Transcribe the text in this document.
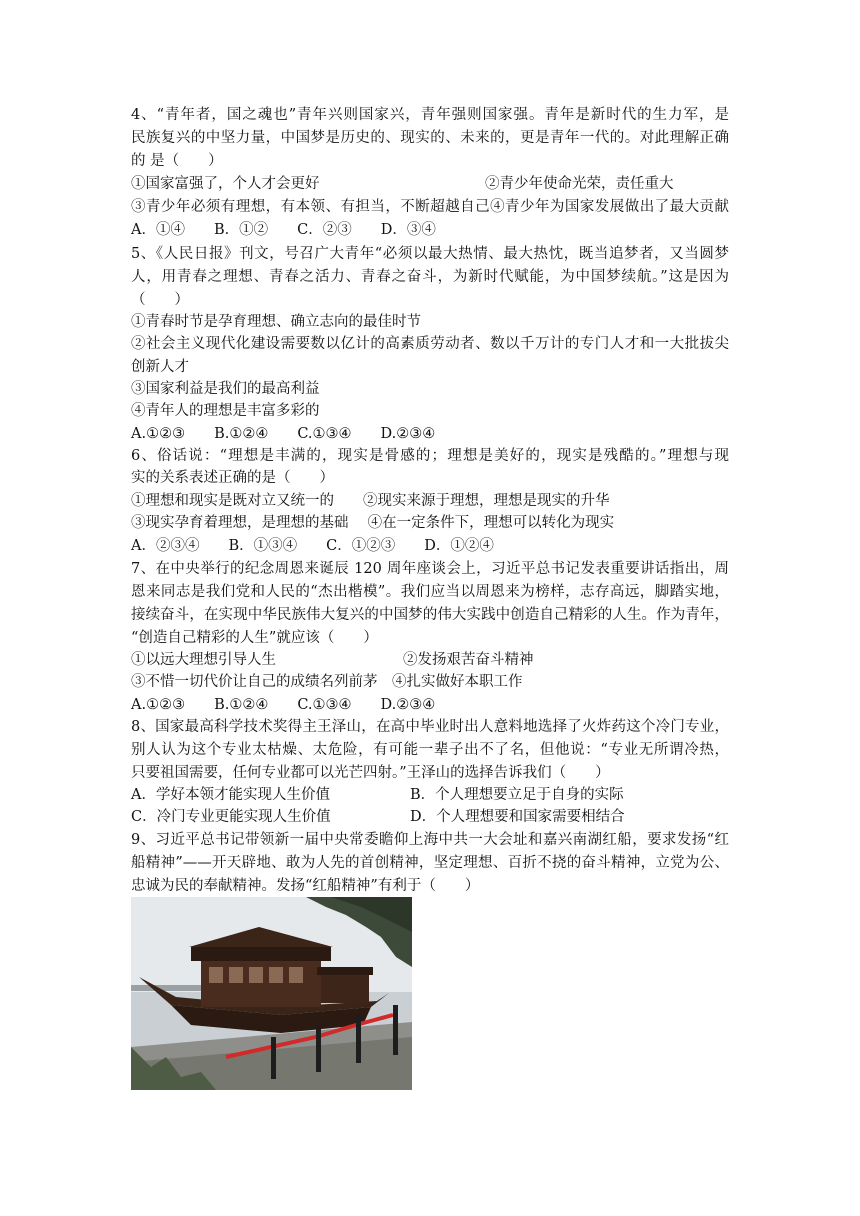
4、“青年者，国之魂也”青年兴则国家兴，青年强则国家强。青年是新时代的生力军，是
民族复兴的中坚力量，中国梦是历史的、现实的、未来的，更是青年一代的。对此理解正确
的 是（　　）
①国家富强了，个人才会更好	②青少年使命光荣，责任重大
③青少年必须有理想，有本领、有担当，不断超越自己④青少年为国家发展做出了最大贡献
A．①④　　B．①②　　C．②③　　D．③④
5、《人民日报》刊文，号召广大青年“必须以最大热情、最大热忱，既当追梦者，又当圆梦
人，用青春之理想、青春之活力、青春之奋斗，为新时代赋能，为中国梦续航。”这是因为
（　　）
①青春时节是孕育理想、确立志向的最佳时节
②社会主义现代化建设需要数以亿计的高素质劳动者、数以千万计的专门人才和一大批拔尖
创新人才
③国家利益是我们的最高利益
④青年人的理想是丰富多彩的
A.①②③　　B.①②④　　C.①③④　　D.②③④
6、俗话说：“理想是丰满的，现实是骨感的；理想是美好的，现实是残酷的。”理想与现
实的关系表述正确的是（　　）
①理想和现实是既对立又统一的　　②现实来源于理想，理想是现实的升华
③现实孕育着理想，是理想的基础　 ④在一定条件下，理想可以转化为现实
A．②③④　　B．①③④　　C．①②③　　D．①②④
7、在中央举行的纪念周恩来诞辰 120 周年座谈会上，习近平总书记发表重要讲话指出，周
恩来同志是我们党和人民的“杰出楷模”。我们应当以周恩来为榜样，志存高远，脚踏实地，
接续奋斗，在实现中华民族伟大复兴的中国梦的伟大实践中创造自己精彩的人生。作为青年，
“创造自己精彩的人生”就应该（　　）
①以远大理想引导人生	②发扬艰苦奋斗精神
③不惜一切代价让自己的成绩名列前茅　④扎实做好本职工作
A.①②③　　B.①②④　　C.①③④　　D.②③④
8、国家最高科学技术奖得主王泽山，在高中毕业时出人意料地选择了火炸药这个冷门专业，
别人认为这个专业太枯燥、太危险，有可能一辈子出不了名，但他说：“专业无所谓冷热，
只要祖国需要，任何专业都可以光芒四射。”王泽山的选择告诉我们（　　）
A．学好本领才能实现人生价值	B．个人理想要立足于自身的实际
C．冷门专业更能实现人生价值	D．个人理想要和国家需要相结合
9、习近平总书记带领新一届中央常委瞻仰上海中共一大会址和嘉兴南湖红船，要求发扬“红
船精神”——开天辟地、敢为人先的首创精神，坚定理想、百折不挠的奋斗精神，立党为公、
忠诚为民的奉献精神。发扬“红船精神”有利于（　　）
